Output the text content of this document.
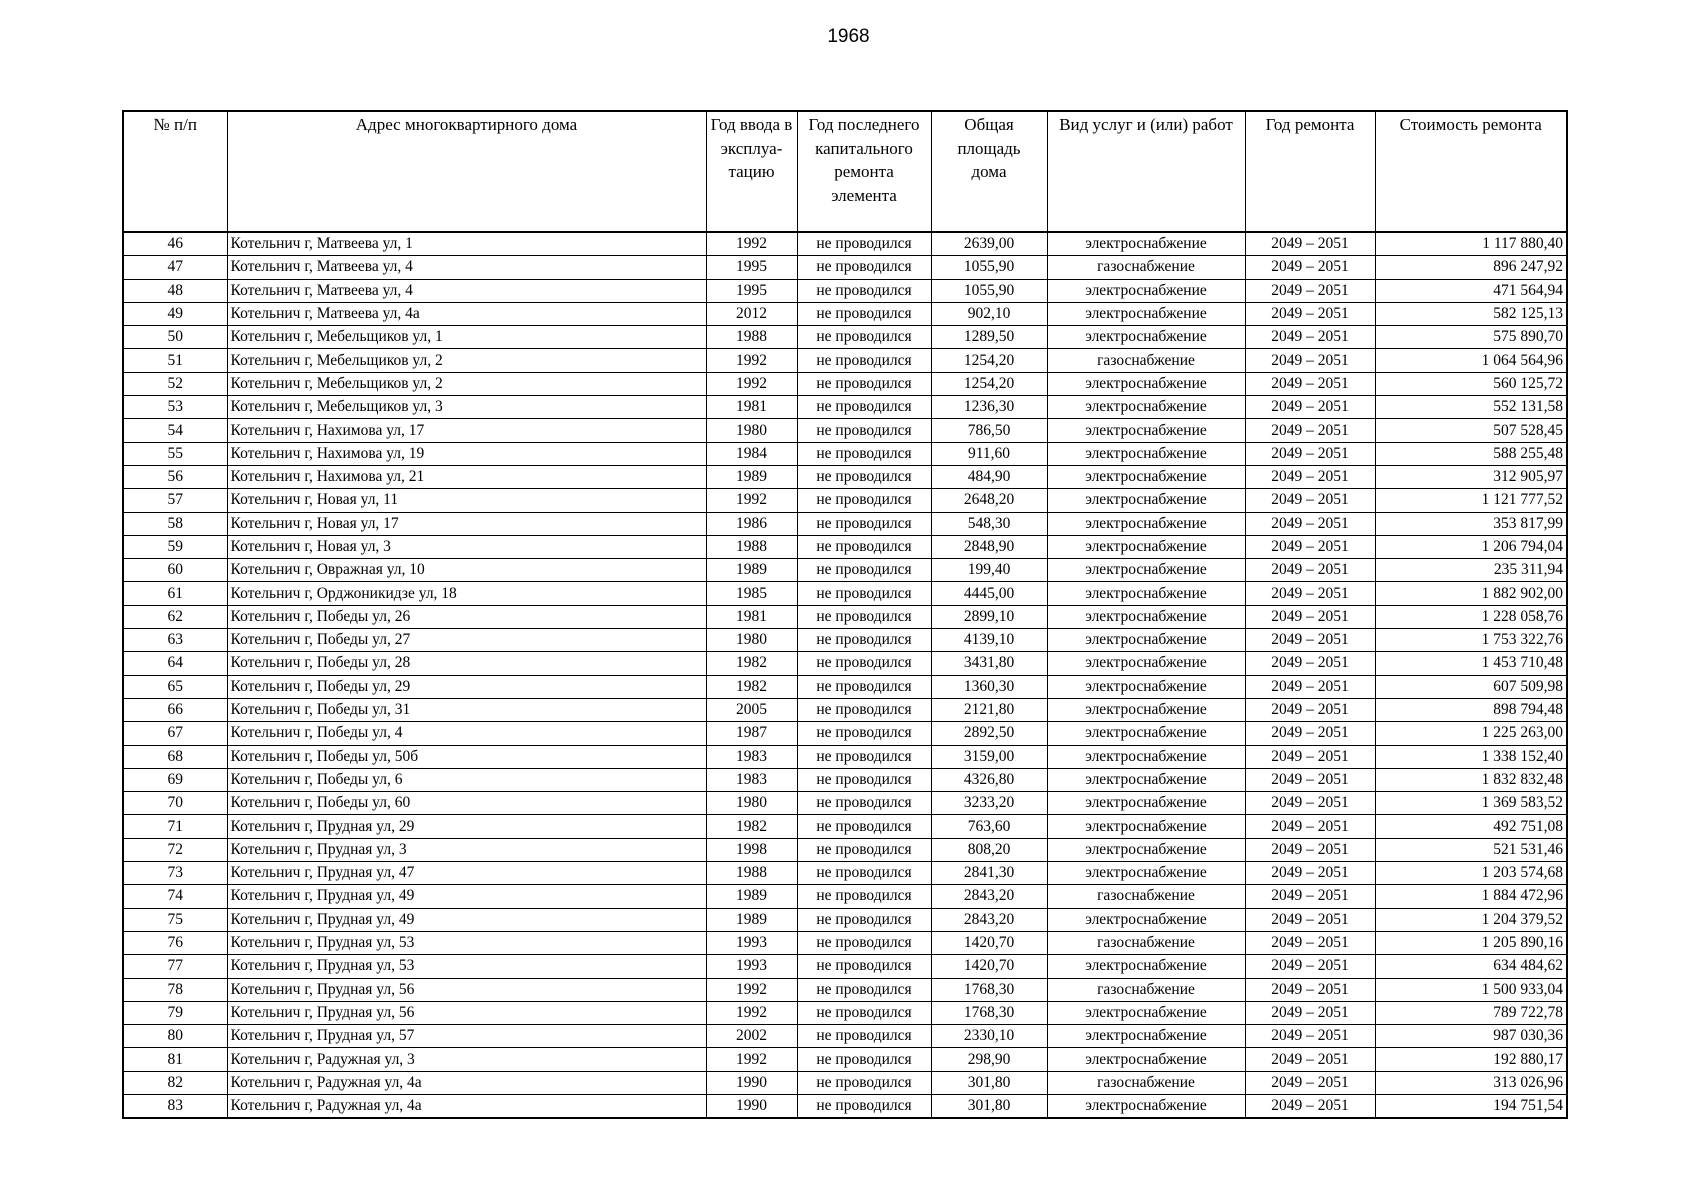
1968
№ п/п	Адрес многоквартирного дома	Год ввода в эксплуа-тацию	Год последнего капитального ремонта элемента	Общая площадь дома	Вид услуг и (или) работ	Год ремонта	Стоимость ремонта
46	Котельнич г, Матвеева ул, 1	1992	не проводился	2639,00	электроснабжение	2049 – 2051	1 117 880,40
47	Котельнич г, Матвеева ул, 4	1995	не проводился	1055,90	газоснабжение	2049 – 2051	896 247,92
48	Котельнич г, Матвеева ул, 4	1995	не проводился	1055,90	электроснабжение	2049 – 2051	471 564,94
49	Котельнич г, Матвеева ул, 4а	2012	не проводился	902,10	электроснабжение	2049 – 2051	582 125,13
50	Котельнич г, Мебельщиков ул, 1	1988	не проводился	1289,50	электроснабжение	2049 – 2051	575 890,70
51	Котельнич г, Мебельщиков ул, 2	1992	не проводился	1254,20	газоснабжение	2049 – 2051	1 064 564,96
52	Котельнич г, Мебельщиков ул, 2	1992	не проводился	1254,20	электроснабжение	2049 – 2051	560 125,72
53	Котельнич г, Мебельщиков ул, 3	1981	не проводился	1236,30	электроснабжение	2049 – 2051	552 131,58
54	Котельнич г, Нахимова ул, 17	1980	не проводился	786,50	электроснабжение	2049 – 2051	507 528,45
55	Котельнич г, Нахимова ул, 19	1984	не проводился	911,60	электроснабжение	2049 – 2051	588 255,48
56	Котельнич г, Нахимова ул, 21	1989	не проводился	484,90	электроснабжение	2049 – 2051	312 905,97
57	Котельнич г, Новая ул, 11	1992	не проводился	2648,20	электроснабжение	2049 – 2051	1 121 777,52
58	Котельнич г, Новая ул, 17	1986	не проводился	548,30	электроснабжение	2049 – 2051	353 817,99
59	Котельнич г, Новая ул, 3	1988	не проводился	2848,90	электроснабжение	2049 – 2051	1 206 794,04
60	Котельнич г, Овражная ул, 10	1989	не проводился	199,40	электроснабжение	2049 – 2051	235 311,94
61	Котельнич г, Орджоникидзе ул, 18	1985	не проводился	4445,00	электроснабжение	2049 – 2051	1 882 902,00
62	Котельнич г, Победы ул, 26	1981	не проводился	2899,10	электроснабжение	2049 – 2051	1 228 058,76
63	Котельнич г, Победы ул, 27	1980	не проводился	4139,10	электроснабжение	2049 – 2051	1 753 322,76
64	Котельнич г, Победы ул, 28	1982	не проводился	3431,80	электроснабжение	2049 – 2051	1 453 710,48
65	Котельнич г, Победы ул, 29	1982	не проводился	1360,30	электроснабжение	2049 – 2051	607 509,98
66	Котельнич г, Победы ул, 31	2005	не проводился	2121,80	электроснабжение	2049 – 2051	898 794,48
67	Котельнич г, Победы ул, 4	1987	не проводился	2892,50	электроснабжение	2049 – 2051	1 225 263,00
68	Котельнич г, Победы ул, 50б	1983	не проводился	3159,00	электроснабжение	2049 – 2051	1 338 152,40
69	Котельнич г, Победы ул, 6	1983	не проводился	4326,80	электроснабжение	2049 – 2051	1 832 832,48
70	Котельнич г, Победы ул, 60	1980	не проводился	3233,20	электроснабжение	2049 – 2051	1 369 583,52
71	Котельнич г, Прудная ул, 29	1982	не проводился	763,60	электроснабжение	2049 – 2051	492 751,08
72	Котельнич г, Прудная ул, 3	1998	не проводился	808,20	электроснабжение	2049 – 2051	521 531,46
73	Котельнич г, Прудная ул, 47	1988	не проводился	2841,30	электроснабжение	2049 – 2051	1 203 574,68
74	Котельнич г, Прудная ул, 49	1989	не проводился	2843,20	газоснабжение	2049 – 2051	1 884 472,96
75	Котельнич г, Прудная ул, 49	1989	не проводился	2843,20	электроснабжение	2049 – 2051	1 204 379,52
76	Котельнич г, Прудная ул, 53	1993	не проводился	1420,70	газоснабжение	2049 – 2051	1 205 890,16
77	Котельнич г, Прудная ул, 53	1993	не проводился	1420,70	электроснабжение	2049 – 2051	634 484,62
78	Котельнич г, Прудная ул, 56	1992	не проводился	1768,30	газоснабжение	2049 – 2051	1 500 933,04
79	Котельнич г, Прудная ул, 56	1992	не проводился	1768,30	электроснабжение	2049 – 2051	789 722,78
80	Котельнич г, Прудная ул, 57	2002	не проводился	2330,10	электроснабжение	2049 – 2051	987 030,36
81	Котельнич г, Радужная ул, 3	1992	не проводился	298,90	электроснабжение	2049 – 2051	192 880,17
82	Котельнич г, Радужная ул, 4а	1990	не проводился	301,80	газоснабжение	2049 – 2051	313 026,96
83	Котельнич г, Радужная ул, 4а	1990	не проводился	301,80	электроснабжение	2049 – 2051	194 751,54
